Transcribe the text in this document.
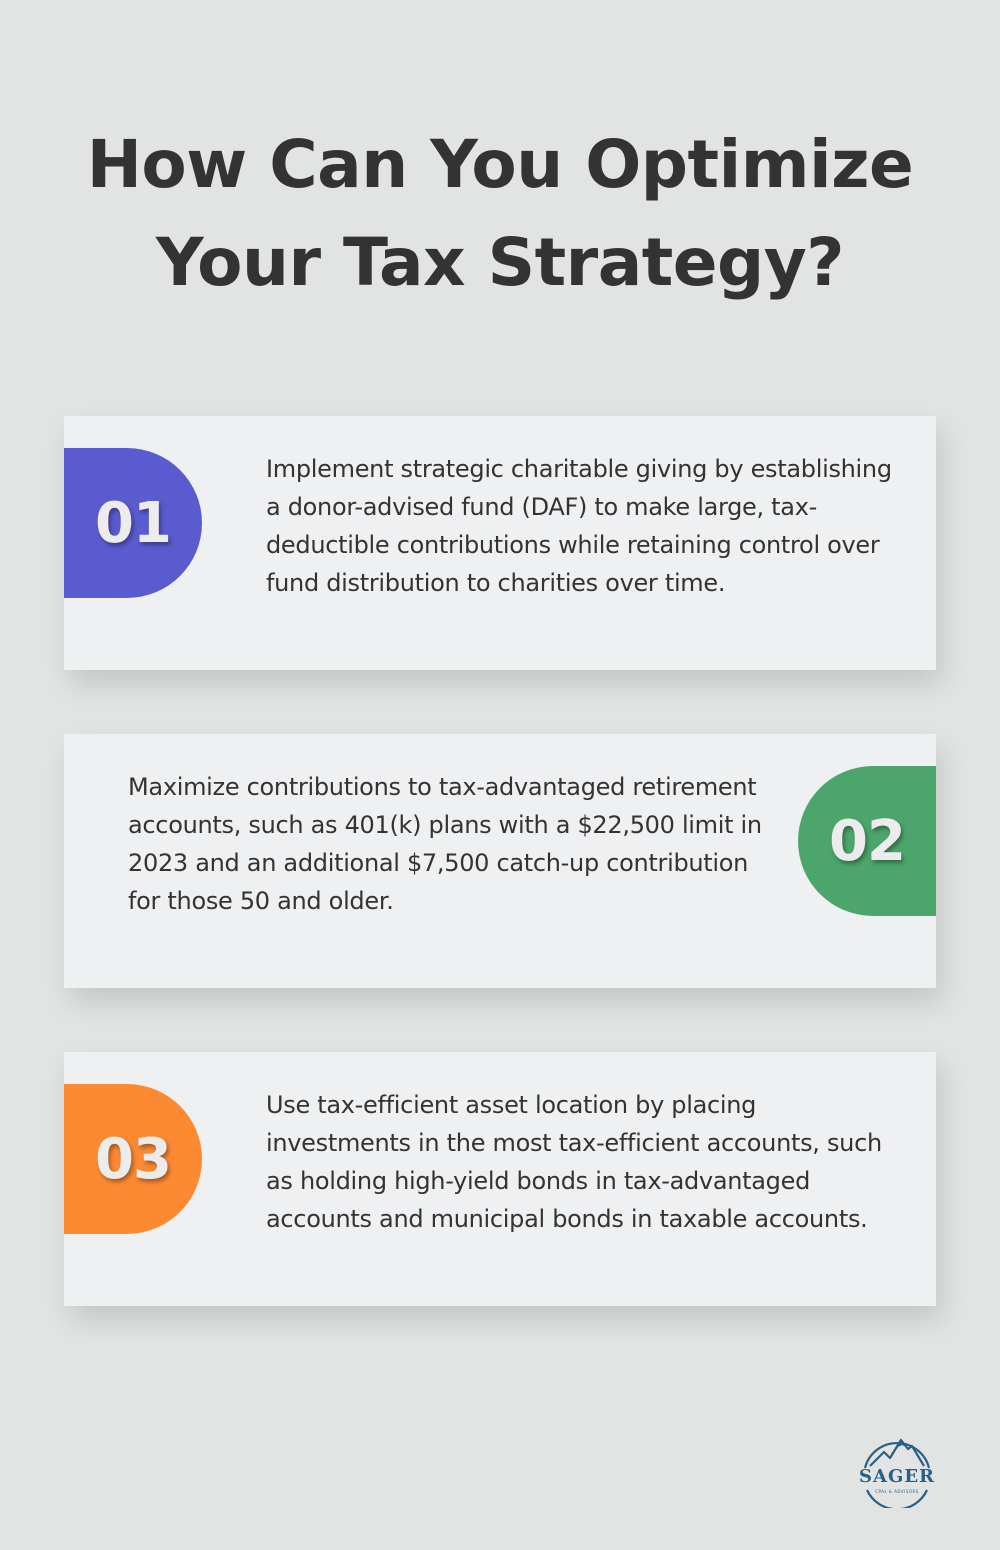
How Can You Optimize Your Tax Strategy?
01

Implement strategic charitable giving by establishing a donor-advised fund (DAF) to make large, tax-deductible contributions while retaining control over fund distribution to charities over time.

Maximize contributions to tax-advantaged retirement accounts, such as 401(k) plans with a $22,500 limit in 2023 and an additional $7,500 catch-up contribution for those 50 and older.

02
03

Use tax-efficient asset location by placing investments in the most tax-efficient accounts, such as holding high-yield bonds in tax-advantaged accounts and municipal bonds in taxable accounts.

SAGER
CPAs & ADVISORS
